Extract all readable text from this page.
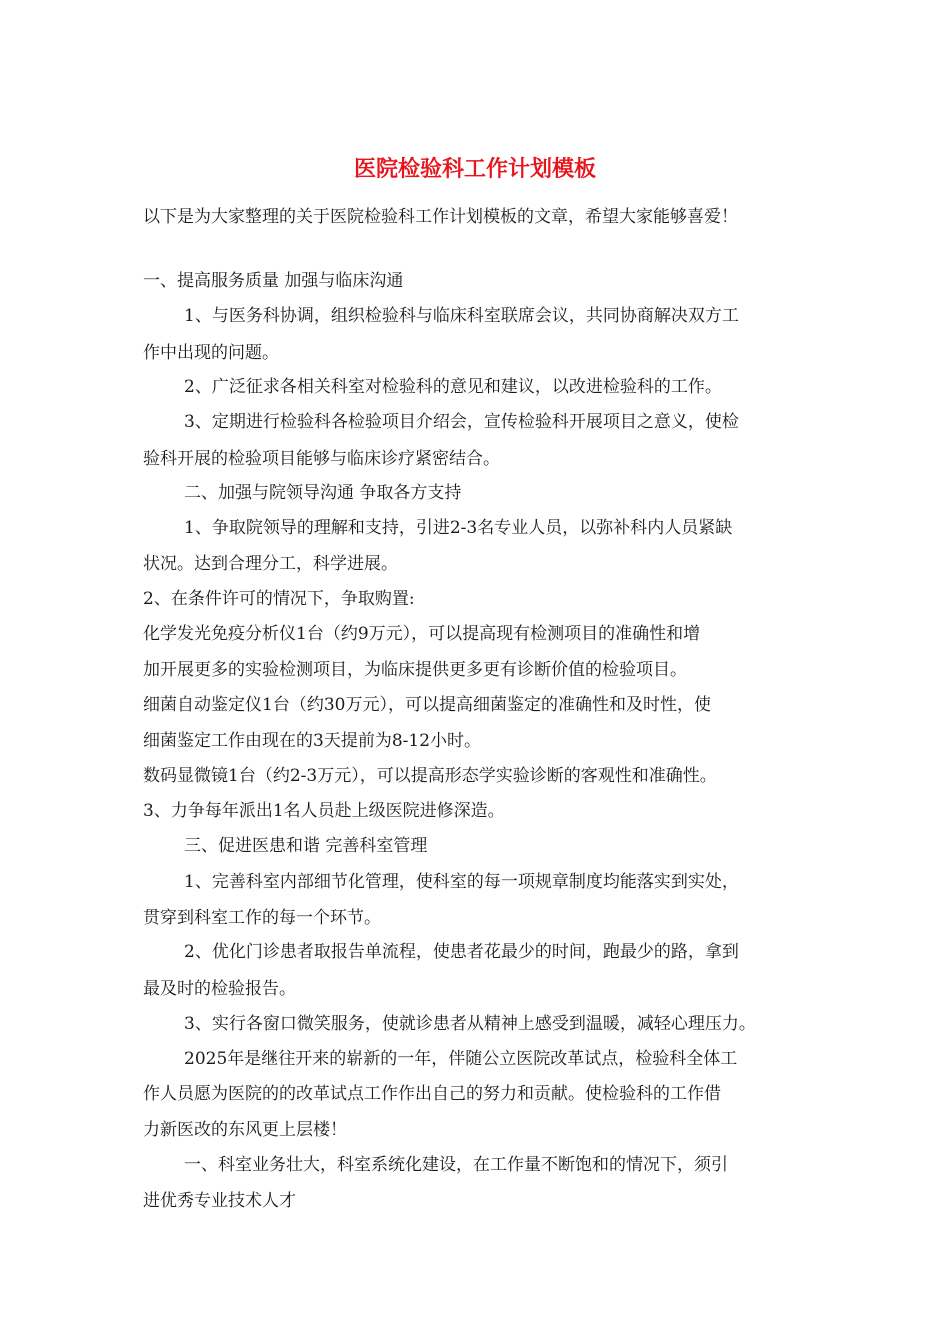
医院检验科工作计划模板
以下是为大家整理的关于医院检验科工作计划模板的文章，希望大家能够喜爱！
一、提高服务质量 加强与临床沟通
1、与医务科协调，组织检验科与临床科室联席会议，共同协商解决双方工
作中出现的问题。
2、广泛征求各相关科室对检验科的意见和建议，以改进检验科的工作。
3、定期进行检验科各检验项目介绍会，宣传检验科开展项目之意义，使检
验科开展的检验项目能够与临床诊疗紧密结合。
二、加强与院领导沟通 争取各方支持
1、争取院领导的理解和支持，引进2-3名专业人员，以弥补科内人员紧缺
状况。达到合理分工，科学进展。
2、在条件许可的情况下，争取购置:
化学发光免疫分析仪1台（约9万元），可以提高现有检测项目的准确性和增
加开展更多的实验检测项目，为临床提供更多更有诊断价值的检验项目。
细菌自动鉴定仪1台（约30万元），可以提高细菌鉴定的准确性和及时性，使
细菌鉴定工作由现在的3天提前为8-12小时。
数码显微镜1台（约2-3万元），可以提高形态学实验诊断的客观性和准确性。
3、力争每年派出1名人员赴上级医院进修深造。
三、促进医患和谐 完善科室管理
1、完善科室内部细节化管理，使科室的每一项规章制度均能落实到实处，
贯穿到科室工作的每一个环节。
2、优化门诊患者取报告单流程，使患者花最少的时间，跑最少的路，拿到
最及时的检验报告。
3、实行各窗口微笑服务，使就诊患者从精神上感受到温暖，减轻心理压力。
2025年是继往开来的崭新的一年，伴随公立医院改革试点，检验科全体工
作人员愿为医院的的改革试点工作作出自己的努力和贡献。使检验科的工作借
力新医改的东风更上层楼！
一、科室业务壮大，科室系统化建设，在工作量不断饱和的情况下，须引
进优秀专业技术人才
